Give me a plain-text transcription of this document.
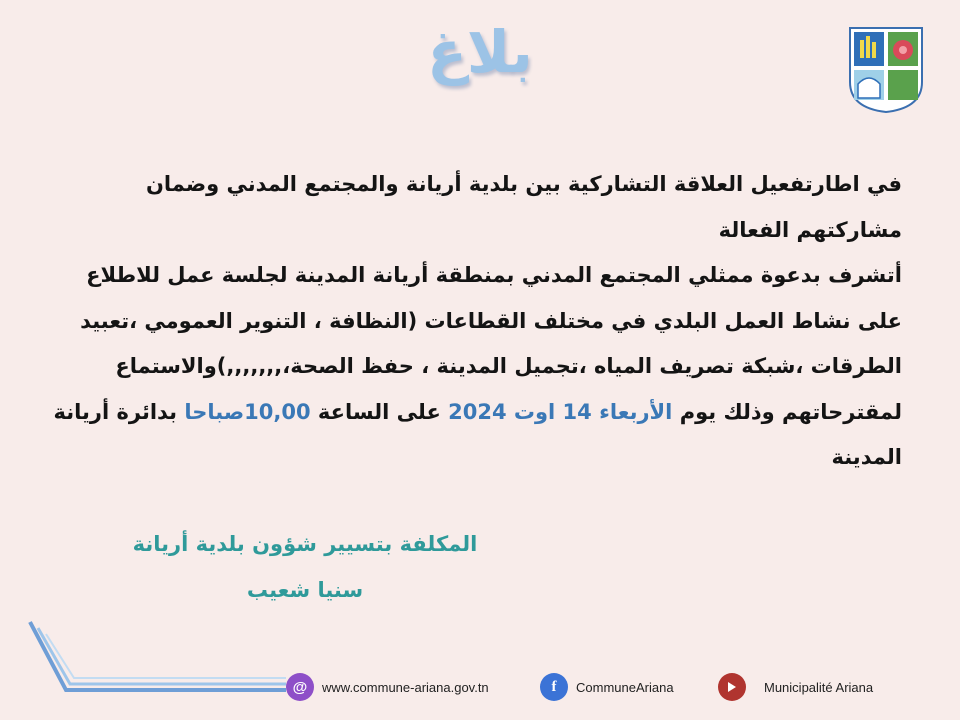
بلاغ

في اطارتفعيل العلاقة التشاركية بين بلدية أريانة والمجتمع المدني وضمان مشاركتهم الفعالة

أتشرف بدعوة ممثلي المجتمع المدني بمنطقة أريانة المدينة لجلسة عمل للاطلاع على نشاط العمل البلدي في مختلف القطاعات (النظافة ، التنوير العمومي ،تعبيد الطرقات ،شبكة تصريف المياه ،تجميل المدينة ، حفظ الصحة،,,,,,,,)والاستماع لمقترحاتهم وذلك يوم الأربعاء 14 اوت 2024 على الساعة 10,00صباحا بدائرة أريانة المدينة

المكلفة بتسيير شؤون بلدية أريانة
سنيا شعيب
@	www.commune-ariana.gov.tn	f	CommuneAriana	Municipalité Ariana
